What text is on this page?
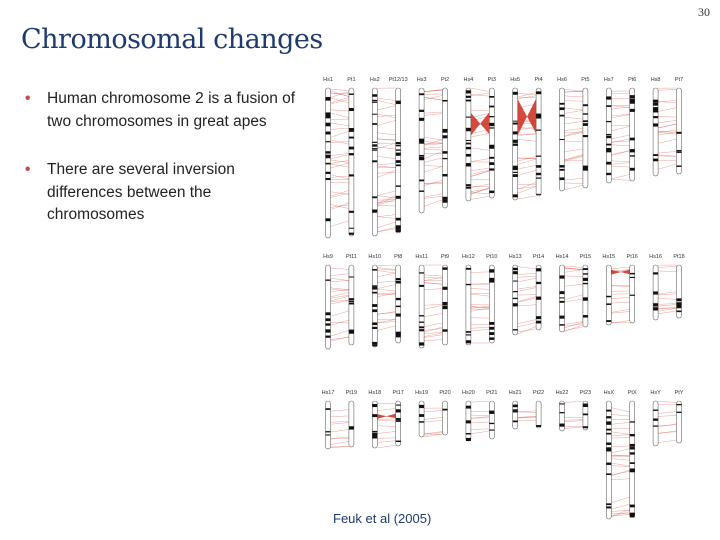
30
Chromosomal changes
• Human chromosome 2 is a fusion of two chromosomes in great apes
• There are several inversion differences between the chromosomes
Hs1	Pt1	Hs2 Pt12/13 Hs3	Pt2	Hs4	Pt3	Hs5	Pt4	Hs6	Pt5	Hs7	Pt6	Hs8	Pt7
Hs9 Pt11 Hs10 Pt8 Hs11 Pt9 Hs12 Pt10 Hs13 Pt14 Hs14 Pt15 Hs15 Pt16 Hs16 Pt18
Hs17 Pt19 Hs18 Pt17 Hs19 Pt20 Hs20 Pt21 Hs21 Pt22 Hs22 Pt23 HsX	PtX	HsY	PtY
Feuk et al (2005)
